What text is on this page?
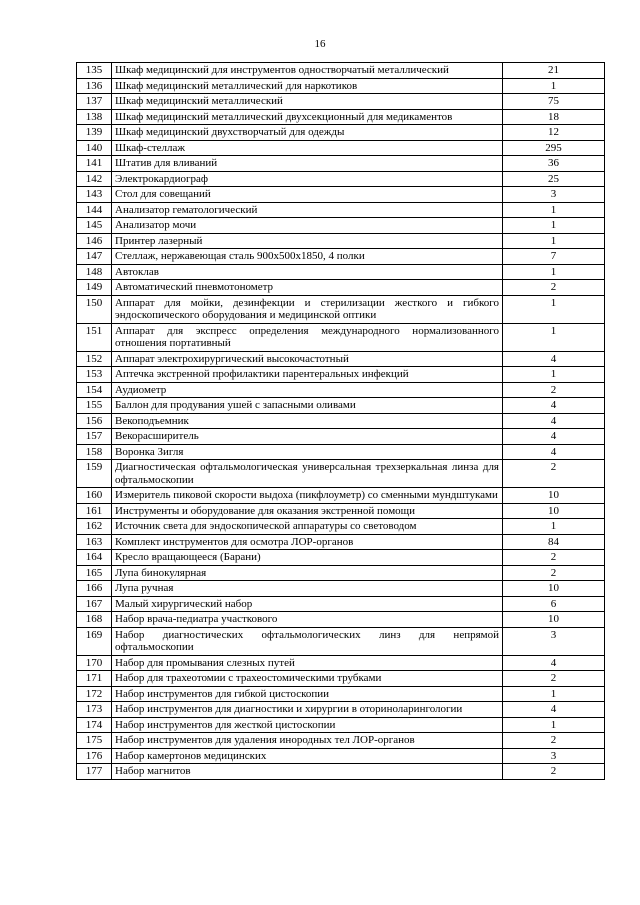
16
135	Шкаф медицинский для инструментов одностворчатый металлический	21
136	Шкаф медицинский металлический для наркотиков	1
137	Шкаф медицинский металлический	75
138	Шкаф медицинский металлический двухсекционный для медикаментов	18
139	Шкаф медицинский двухстворчатый для одежды	12
140	Шкаф-стеллаж	295
141	Штатив для вливаний	36
142	Электрокардиограф	25
143	Стол для совещаний	3
144	Анализатор гематологический	1
145	Анализатор мочи	1
146	Принтер лазерный	1
147	Стеллаж, нержавеющая сталь 900х500х1850, 4 полки	7
148	Автоклав	1
149	Автоматический пневмотонометр	2
150	Аппарат для мойки, дезинфекции и стерилизации жесткого и гибкого эндоскопического оборудования и медицинской оптики	1
151	Аппарат для экспресс определения международного нормализованного отношения портативный	1
152	Аппарат электрохирургический высокочастотный	4
153	Аптечка экстренной профилактики парентеральных инфекций	1
154	Аудиометр	2
155	Баллон для продувания ушей с запасными оливами	4
156	Векоподъемник	4
157	Векорасширитель	4
158	Воронка Зигля	4
159	Диагностическая офтальмологическая универсальная трехзеркальная линза для офтальмоскопии	2
160	Измеритель пиковой скорости выдоха (пикфлоуметр) со сменными мундштуками	10
161	Инструменты и оборудование для оказания экстренной помощи	10
162	Источник света для эндоскопической аппаратуры со световодом	1
163	Комплект инструментов для осмотра ЛОР-органов	84
164	Кресло вращающееся (Барани)	2
165	Лупа бинокулярная	2
166	Лупа ручная	10
167	Малый хирургический набор	6
168	Набор врача-педиатра участкового	10
169	Набор диагностических офтальмологических линз для непрямой офтальмоскопии	3
170	Набор для промывания слезных путей	4
171	Набор для трахеотомии с трахеостомическими трубками	2
172	Набор инструментов для гибкой цистоскопии	1
173	Набор инструментов для диагностики и хирургии в оториноларингологии	4
174	Набор инструментов для жесткой цистоскопии	1
175	Набор инструментов для удаления инородных тел ЛОР-органов	2
176	Набор камертонов медицинских	3
177	Набор магнитов	2
